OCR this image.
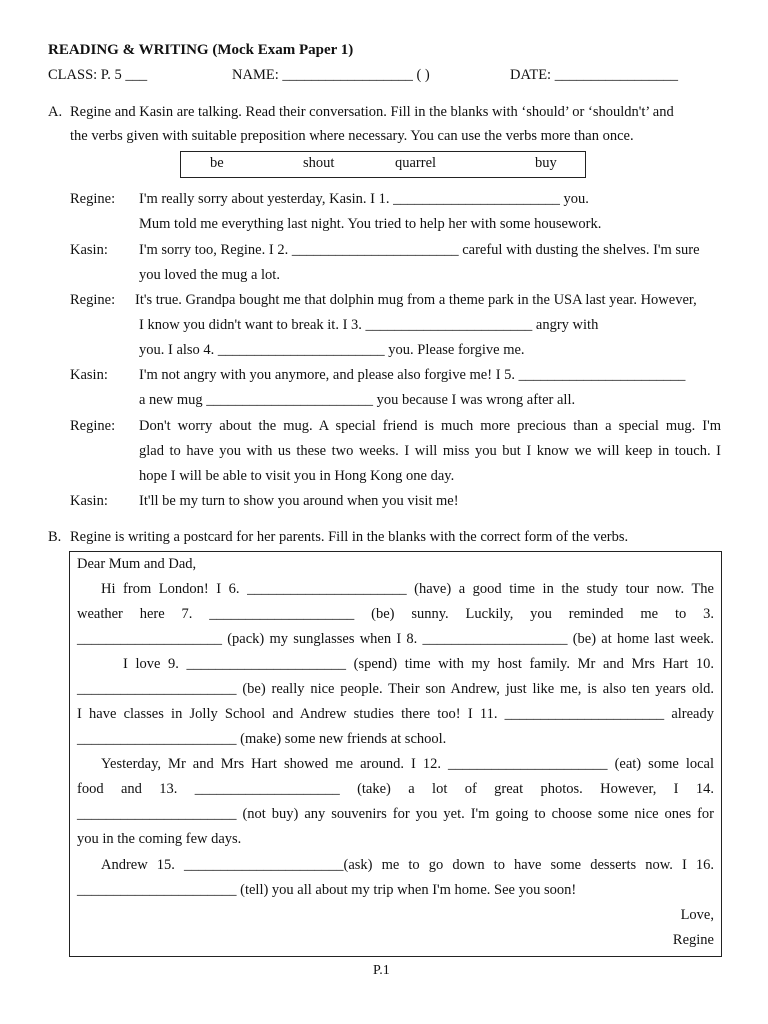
READING & WRITING (Mock Exam Paper 1)
CLASS: P. 5 ___	NAME: __________________ ( )	DATE: _________________
A. Regine and Kasin are talking. Read their conversation. Fill in the blanks with ‘should’ or ‘shouldn't’ and
the verbs given with suitable preposition where necessary. You can use the verbs more than once.
be	shout	quarrel	buy
Regine: I'm really sorry about yesterday, Kasin. I 1. _______________________ you.
Mum told me everything last night. You tried to help her with some housework.
Kasin: I'm sorry too, Regine. I 2. _______________________ careful with dusting the shelves. I'm sure
you loved the mug a lot.
Regine: It's true. Grandpa bought me that dolphin mug from a theme park in the USA last year. However,
I know you didn't want to break it. I 3. _______________________ angry with
you. I also 4. _______________________ you. Please forgive me.
Kasin: I'm not angry with you anymore, and please also forgive me! I 5. _______________________
a new mug _______________________ you because I was wrong after all.
Regine: Don't worry about the mug. A special friend is much more precious than a special mug. I'm
glad to have you with us these two weeks. I will miss you but I know we will keep in touch. I
hope I will be able to visit you in Hong Kong one day.
Kasin: It'll be my turn to show you around when you visit me!
B. Regine is writing a postcard for her parents. Fill in the blanks with the correct form of the verbs.
Dear Mum and Dad,
Hi from London! I 6. ______________________ (have) a good time in the study tour now. The
weather here 7. ____________________ (be) sunny. Luckily, you reminded me to 3.
____________________ (pack) my sunglasses when I 8. ____________________ (be) at home last week.
I love 9. ______________________ (spend) time with my host family. Mr and Mrs Hart 10.
______________________ (be) really nice people. Their son Andrew, just like me, is also ten years old.
I have classes in Jolly School and Andrew studies there too! I 11. ______________________ already
______________________ (make) some new friends at school.
Yesterday, Mr and Mrs Hart showed me around. I 12. ______________________ (eat) some local
food and 13. ____________________ (take) a lot of great photos. However, I 14.
______________________ (not buy) any souvenirs for you yet. I'm going to choose some nice ones for
you in the coming few days.
Andrew 15. ______________________(ask) me to go down to have some desserts now. I 16.
______________________ (tell) you all about my trip when I'm home. See you soon!
Love,
Regine
P.1
